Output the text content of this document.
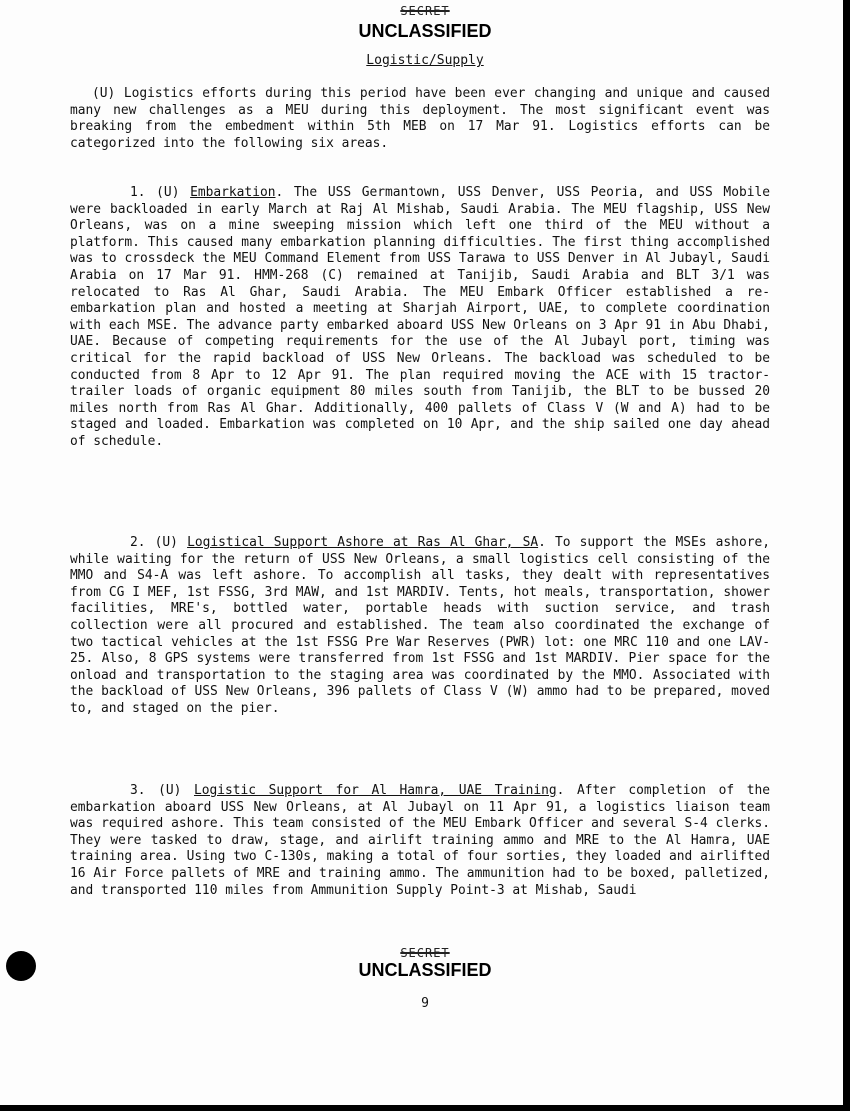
SECRET
UNCLASSIFIED
Logistic/Supply
(U) Logistics efforts during this period have been ever changing and unique and caused many new challenges as a MEU during this deployment. The most significant event was breaking from the embedment within 5th MEB on 17 Mar 91. Logistics efforts can be categorized into the following six areas.
1. (U) Embarkation. The USS Germantown, USS Denver, USS Peoria, and USS Mobile were backloaded in early March at Raj Al Mishab, Saudi Arabia. The MEU flagship, USS New Orleans, was on a mine sweeping mission which left one third of the MEU without a platform. This caused many embarkation planning difficulties. The first thing accomplished was to crossdeck the MEU Command Element from USS Tarawa to USS Denver in Al Jubayl, Saudi Arabia on 17 Mar 91. HMM-268 (C) remained at Tanijib, Saudi Arabia and BLT 3/1 was relocated to Ras Al Ghar, Saudi Arabia. The MEU Embark Officer established a re-embarkation plan and hosted a meeting at Sharjah Airport, UAE, to complete coordination with each MSE. The advance party embarked aboard USS New Orleans on 3 Apr 91 in Abu Dhabi, UAE. Because of competing requirements for the use of the Al Jubayl port, timing was critical for the rapid backload of USS New Orleans. The backload was scheduled to be conducted from 8 Apr to 12 Apr 91. The plan required moving the ACE with 15 tractor-trailer loads of organic equipment 80 miles south from Tanijib, the BLT to be bussed 20 miles north from Ras Al Ghar. Additionally, 400 pallets of Class V (W and A) had to be staged and loaded. Embarkation was completed on 10 Apr, and the ship sailed one day ahead of schedule.
2. (U) Logistical Support Ashore at Ras Al Ghar, SA. To support the MSEs ashore, while waiting for the return of USS New Orleans, a small logistics cell consisting of the MMO and S4-A was left ashore. To accomplish all tasks, they dealt with representatives from CG I MEF, 1st FSSG, 3rd MAW, and 1st MARDIV. Tents, hot meals, transportation, shower facilities, MRE's, bottled water, portable heads with suction service, and trash collection were all procured and established. The team also coordinated the exchange of two tactical vehicles at the 1st FSSG Pre War Reserves (PWR) lot: one MRC 110 and one LAV-25. Also, 8 GPS systems were transferred from 1st FSSG and 1st MARDIV. Pier space for the onload and transportation to the staging area was coordinated by the MMO. Associated with the backload of USS New Orleans, 396 pallets of Class V (W) ammo had to be prepared, moved to, and staged on the pier.
3. (U) Logistic Support for Al Hamra, UAE Training. After completion of the embarkation aboard USS New Orleans, at Al Jubayl on 11 Apr 91, a logistics liaison team was required ashore. This team consisted of the MEU Embark Officer and several S-4 clerks. They were tasked to draw, stage, and airlift training ammo and MRE to the Al Hamra, UAE training area. Using two C-130s, making a total of four sorties, they loaded and airlifted 16 Air Force pallets of MRE and training ammo. The ammunition had to be boxed, palletized, and transported 110 miles from Ammunition Supply Point-3 at Mishab, Saudi
SECRET
UNCLASSIFIED
9
